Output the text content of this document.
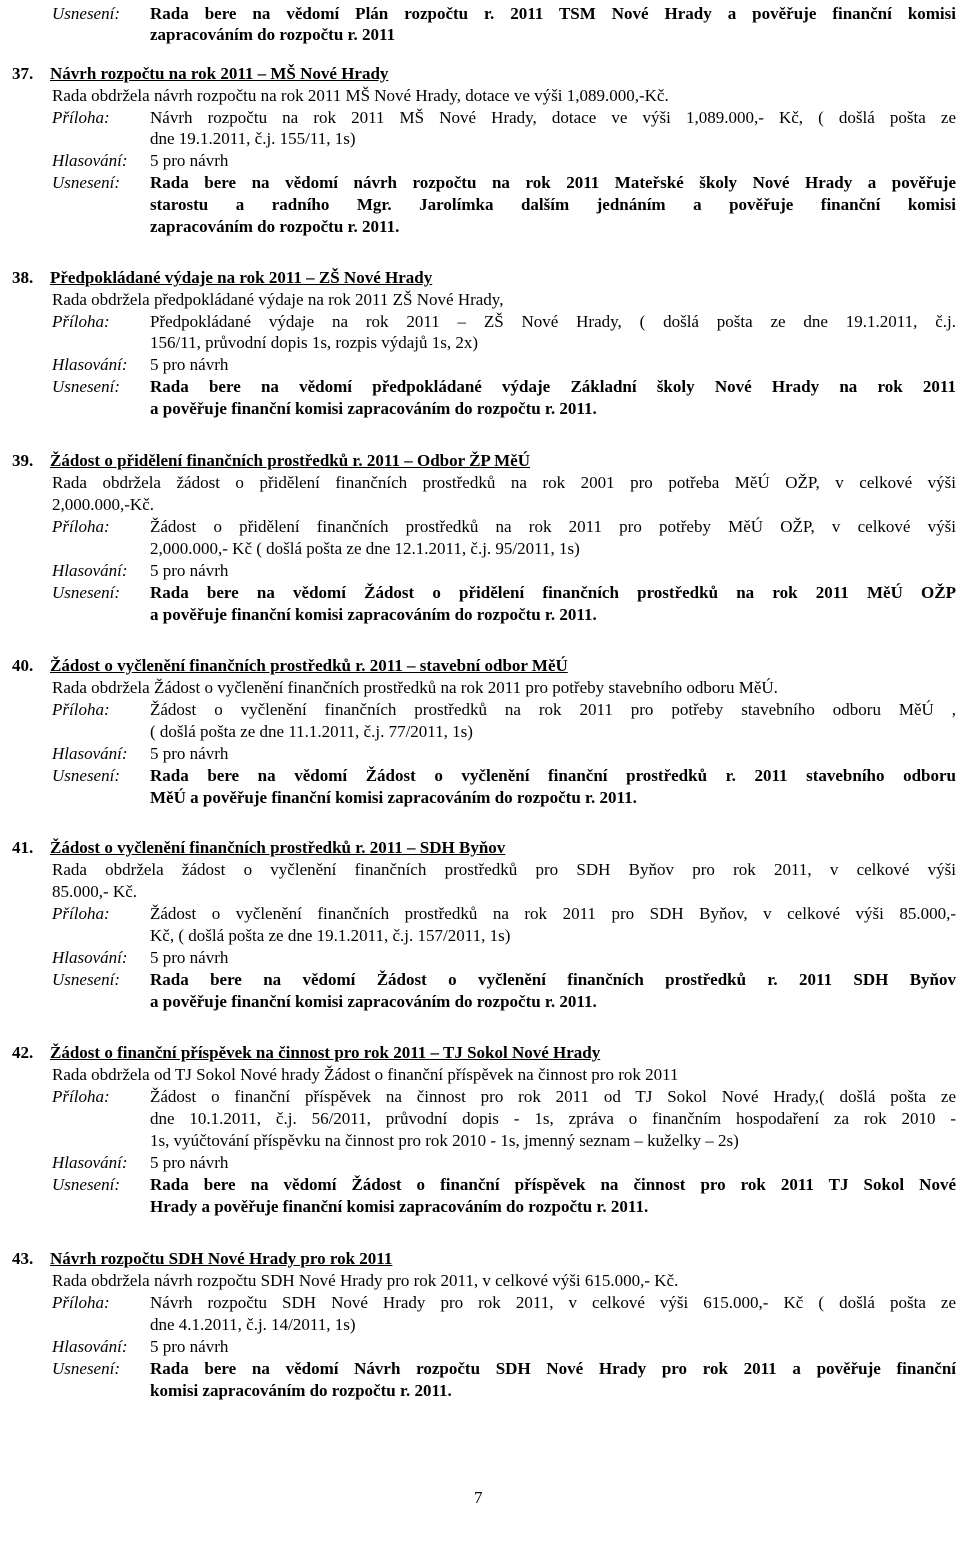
Usnesení: Rada bere na vědomí Plán rozpočtu r. 2011 TSM Nové Hrady a pověřuje finanční komisi
zapracováním do rozpočtu r. 2011
37. Návrh rozpočtu na rok 2011 – MŠ Nové Hrady
Rada obdržela návrh rozpočtu na rok 2011 MŠ Nové Hrady, dotace ve výši 1,089.000,-Kč.
Příloha: Návrh rozpočtu na rok 2011 MŠ Nové Hrady, dotace ve výši 1,089.000,- Kč, ( došlá pošta ze
dne 19.1.2011, č.j. 155/11, 1s)
Hlasování: 5 pro návrh
Usnesení: Rada bere na vědomí návrh rozpočtu na rok 2011 Mateřské školy Nové Hrady a pověřuje
starostu a radního Mgr. Jarolímka dalším jednáním a pověřuje finanční komisi
zapracováním do rozpočtu r. 2011.
38. Předpokládané výdaje na rok 2011 – ZŠ Nové Hrady
Rada obdržela předpokládané výdaje na rok 2011 ZŠ Nové Hrady,
Příloha: Předpokládané výdaje na rok 2011 – ZŠ Nové Hrady, ( došlá pošta ze dne 19.1.2011, č.j.
156/11, průvodní dopis 1s, rozpis výdajů 1s, 2x)
Hlasování: 5 pro návrh
Usnesení: Rada bere na vědomí předpokládané výdaje Základní školy Nové Hrady na rok 2011
a pověřuje finanční komisi zapracováním do rozpočtu r. 2011.
39. Žádost o přidělení finančních prostředků r. 2011 – Odbor ŽP MěÚ
Rada obdržela žádost o přidělení finančních prostředků na rok 2001 pro potřeba MěÚ OŽP, v celkové výši
2,000.000,-Kč.
Příloha: Žádost o přidělení finančních prostředků na rok 2011 pro potřeby MěÚ OŽP, v celkové výši
2,000.000,- Kč ( došlá pošta ze dne 12.1.2011, č.j. 95/2011, 1s)
Hlasování: 5 pro návrh
Usnesení: Rada bere na vědomí Žádost o přidělení finančních prostředků na rok 2011 MěÚ OŽP
a pověřuje finanční komisi zapracováním do rozpočtu r. 2011.
40. Žádost o vyčlenění finančních prostředků r. 2011 – stavební odbor MěÚ
Rada obdržela Žádost o vyčlenění finančních prostředků na rok 2011 pro potřeby stavebního odboru MěÚ.
Příloha: Žádost o vyčlenění finančních prostředků na rok 2011 pro potřeby stavebního odboru MěÚ ,
( došlá pošta ze dne 11.1.2011, č.j. 77/2011, 1s)
Hlasování: 5 pro návrh
Usnesení: Rada bere na vědomí Žádost o vyčlenění finanční prostředků r. 2011 stavebního odboru
MěÚ a pověřuje finanční komisi zapracováním do rozpočtu r. 2011.
41. Žádost o vyčlenění finančních prostředků r. 2011 – SDH Byňov
Rada obdržela žádost o vyčlenění finančních prostředků pro SDH Byňov pro rok 2011, v celkové výši
85.000,- Kč.
Příloha: Žádost o vyčlenění finančních prostředků na rok 2011 pro SDH Byňov, v celkové výši 85.000,-
Kč, ( došlá pošta ze dne 19.1.2011, č.j. 157/2011, 1s)
Hlasování: 5 pro návrh
Usnesení: Rada bere na vědomí Žádost o vyčlenění finančních prostředků r. 2011 SDH Byňov
a pověřuje finanční komisi zapracováním do rozpočtu r. 2011.
42. Žádost o finanční příspěvek na činnost pro rok 2011 – TJ Sokol Nové Hrady
Rada obdržela od TJ Sokol Nové hrady Žádost o finanční příspěvek na činnost pro rok 2011
Příloha: Žádost o finanční příspěvek na činnost pro rok 2011 od TJ Sokol Nové Hrady,( došlá pošta ze
dne 10.1.2011, č.j. 56/2011, průvodní dopis - 1s, zpráva o finančním hospodaření za rok 2010 -
1s, vyúčtování příspěvku na činnost pro rok 2010 - 1s, jmenný seznam – kuželky – 2s)
Hlasování: 5 pro návrh
Usnesení: Rada bere na vědomí Žádost o finanční příspěvek na činnost pro rok 2011 TJ Sokol Nové
Hrady a pověřuje finanční komisi zapracováním do rozpočtu r. 2011.
43. Návrh rozpočtu SDH Nové Hrady pro rok 2011
Rada obdržela návrh rozpočtu SDH Nové Hrady pro rok 2011, v celkové výši 615.000,- Kč.
Příloha: Návrh rozpočtu SDH Nové Hrady pro rok 2011, v celkové výši 615.000,- Kč ( došlá pošta ze
dne 4.1.2011, č.j. 14/2011, 1s)
Hlasování: 5 pro návrh
Usnesení: Rada bere na vědomí Návrh rozpočtu SDH Nové Hrady pro rok 2011 a pověřuje finanční
komisi zapracováním do rozpočtu r. 2011.
7
